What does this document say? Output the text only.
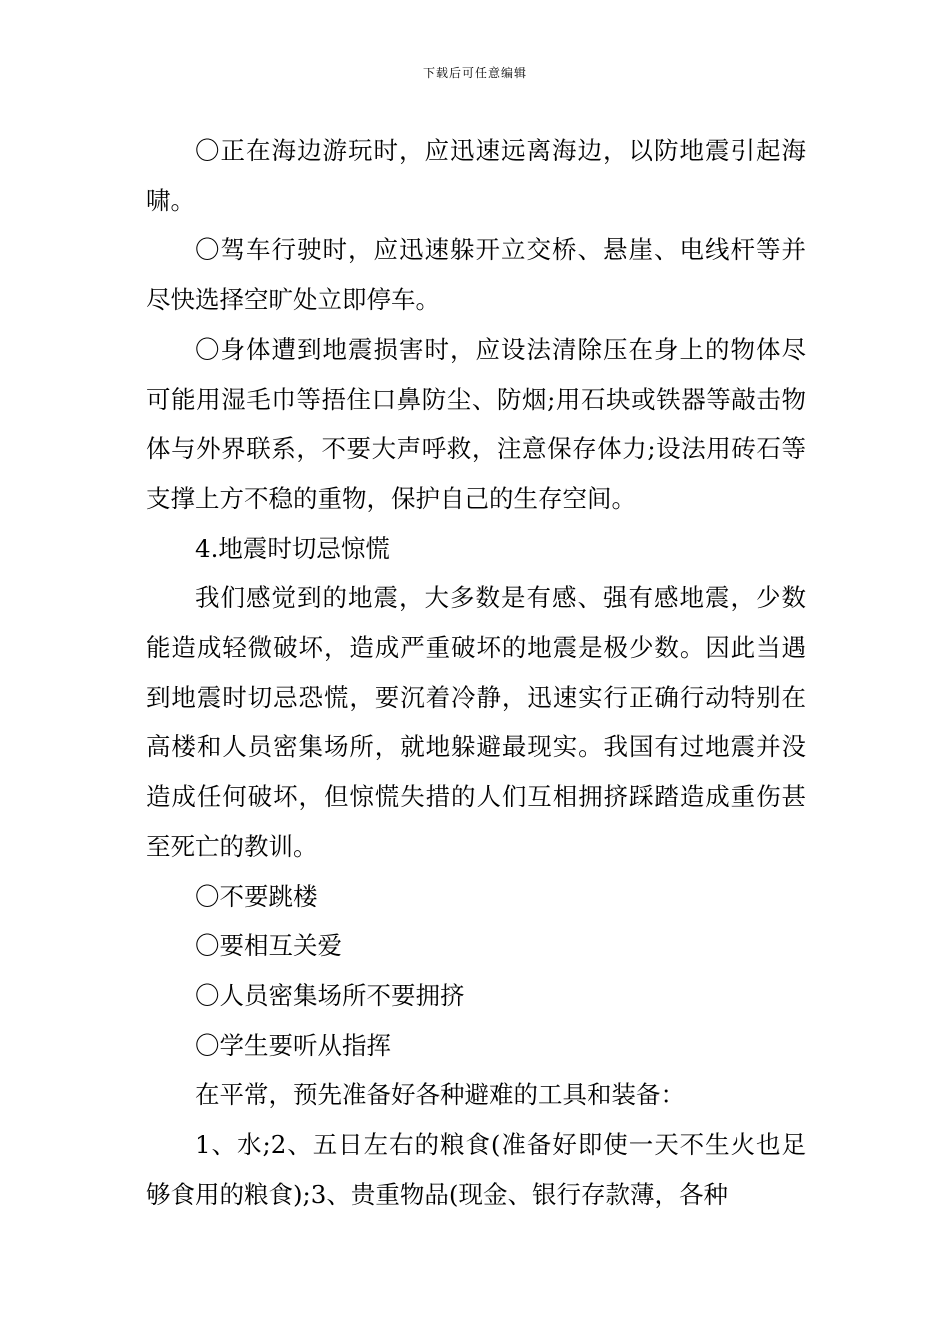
下载后可任意编辑

〇正在海边游玩时，应迅速远离海边，以防地震引起海啸。

〇驾车行驶时，应迅速躲开立交桥、悬崖、电线杆等并尽快选择空旷处立即停车。

〇身体遭到地震损害时，应设法清除压在身上的物体尽可能用湿毛巾等捂住口鼻防尘、防烟;用石块或铁器等敲击物体与外界联系，不要大声呼救，注意保存体力;设法用砖石等支撑上方不稳的重物，保护自己的生存空间。

4.地震时切忌惊慌

我们感觉到的地震，大多数是有感、强有感地震，少数能造成轻微破坏，造成严重破坏的地震是极少数。因此当遇到地震时切忌恐慌，要沉着冷静，迅速实行正确行动特别在高楼和人员密集场所，就地躲避最现实。我国有过地震并没造成任何破坏，但惊慌失措的人们互相拥挤踩踏造成重伤甚至死亡的教训。

〇不要跳楼

〇要相互关爱

〇人员密集场所不要拥挤

〇学生要听从指挥

在平常，预先准备好各种避难的工具和装备：

1、水;2、五日左右的粮食(准备好即使一天不生火也足够食用的粮食);3、贵重物品(现金、银行存款薄，各种
